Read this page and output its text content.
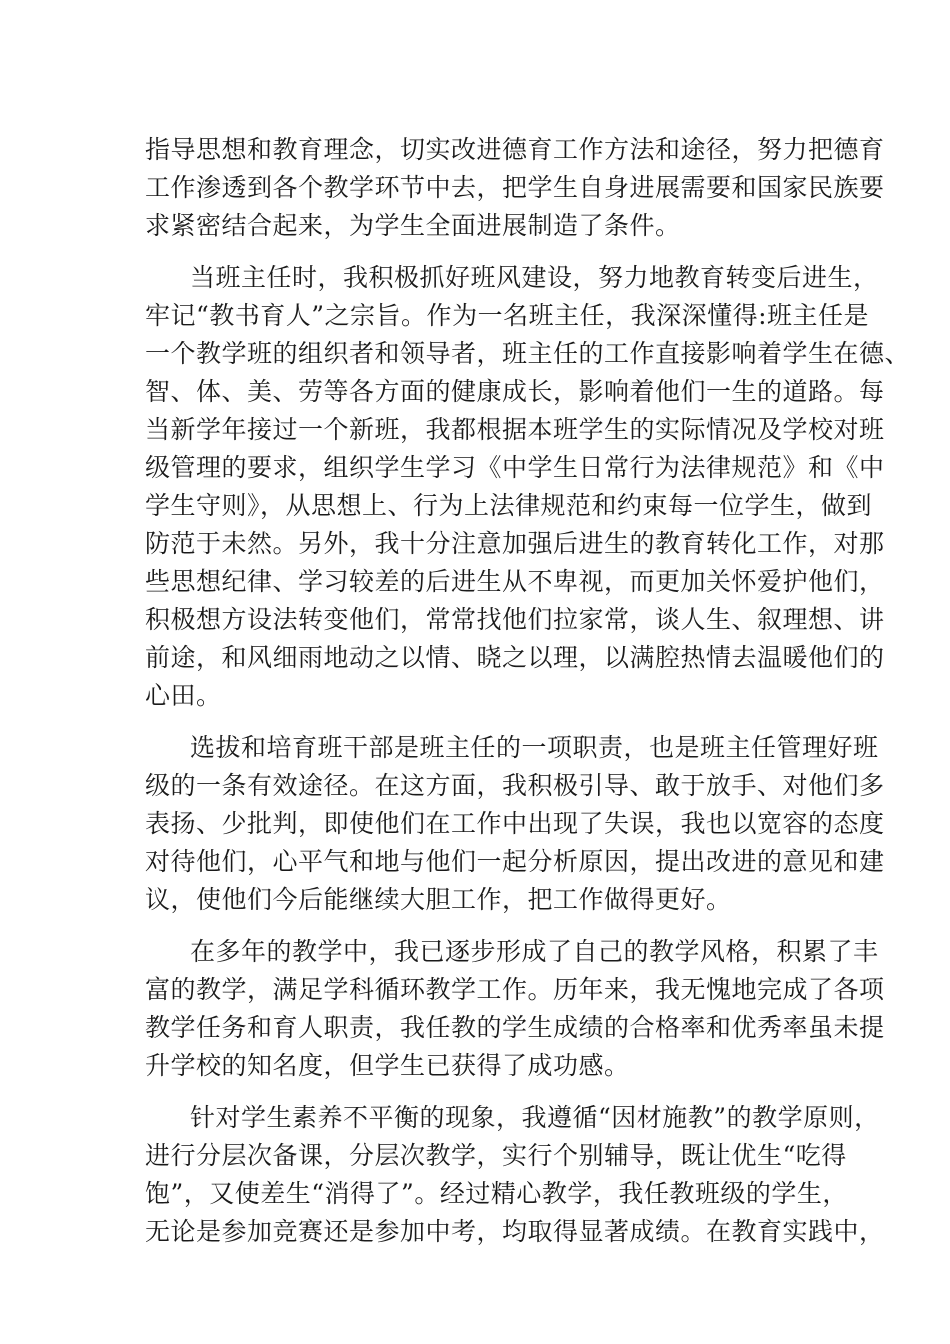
指导思想和教育理念，切实改进德育工作方法和途径，努力把德育
工作渗透到各个教学环节中去，把学生自身进展需要和国家民族要
求紧密结合起来，为学生全面进展制造了条件。
当班主任时，我积极抓好班风建设，努力地教育转变后进生，
牢记“教书育人”之宗旨。作为一名班主任，我深深懂得:班主任是
一个教学班的组织者和领导者，班主任的工作直接影响着学生在德、
智、体、美、劳等各方面的健康成长，影响着他们一生的道路。每
当新学年接过一个新班，我都根据本班学生的实际情况及学校对班
级管理的要求，组织学生学习《中学生日常行为法律规范》和《中
学生守则》，从思想上、行为上法律规范和约束每一位学生，做到
防范于未然。另外，我十分注意加强后进生的教育转化工作，对那
些思想纪律、学习较差的后进生从不卑视，而更加关怀爱护他们，
积极想方设法转变他们，常常找他们拉家常，谈人生、叙理想、讲
前途，和风细雨地动之以情、晓之以理，以满腔热情去温暖他们的
心田。
选拔和培育班干部是班主任的一项职责，也是班主任管理好班
级的一条有效途径。在这方面，我积极引导、敢于放手、对他们多
表扬、少批判，即使他们在工作中出现了失误，我也以宽容的态度
对待他们，心平气和地与他们一起分析原因，提出改进的意见和建
议，使他们今后能继续大胆工作，把工作做得更好。
在多年的教学中，我已逐步形成了自己的教学风格，积累了丰
富的教学，满足学科循环教学工作。历年来，我无愧地完成了各项
教学任务和育人职责，我任教的学生成绩的合格率和优秀率虽未提
升学校的知名度，但学生已获得了成功感。
针对学生素养不平衡的现象，我遵循“因材施教”的教学原则，
进行分层次备课，分层次教学，实行个别辅导，既让优生“吃得
饱”，又使差生“消得了”。经过精心教学，我任教班级的学生，
无论是参加竞赛还是参加中考，均取得显著成绩。在教育实践中，
